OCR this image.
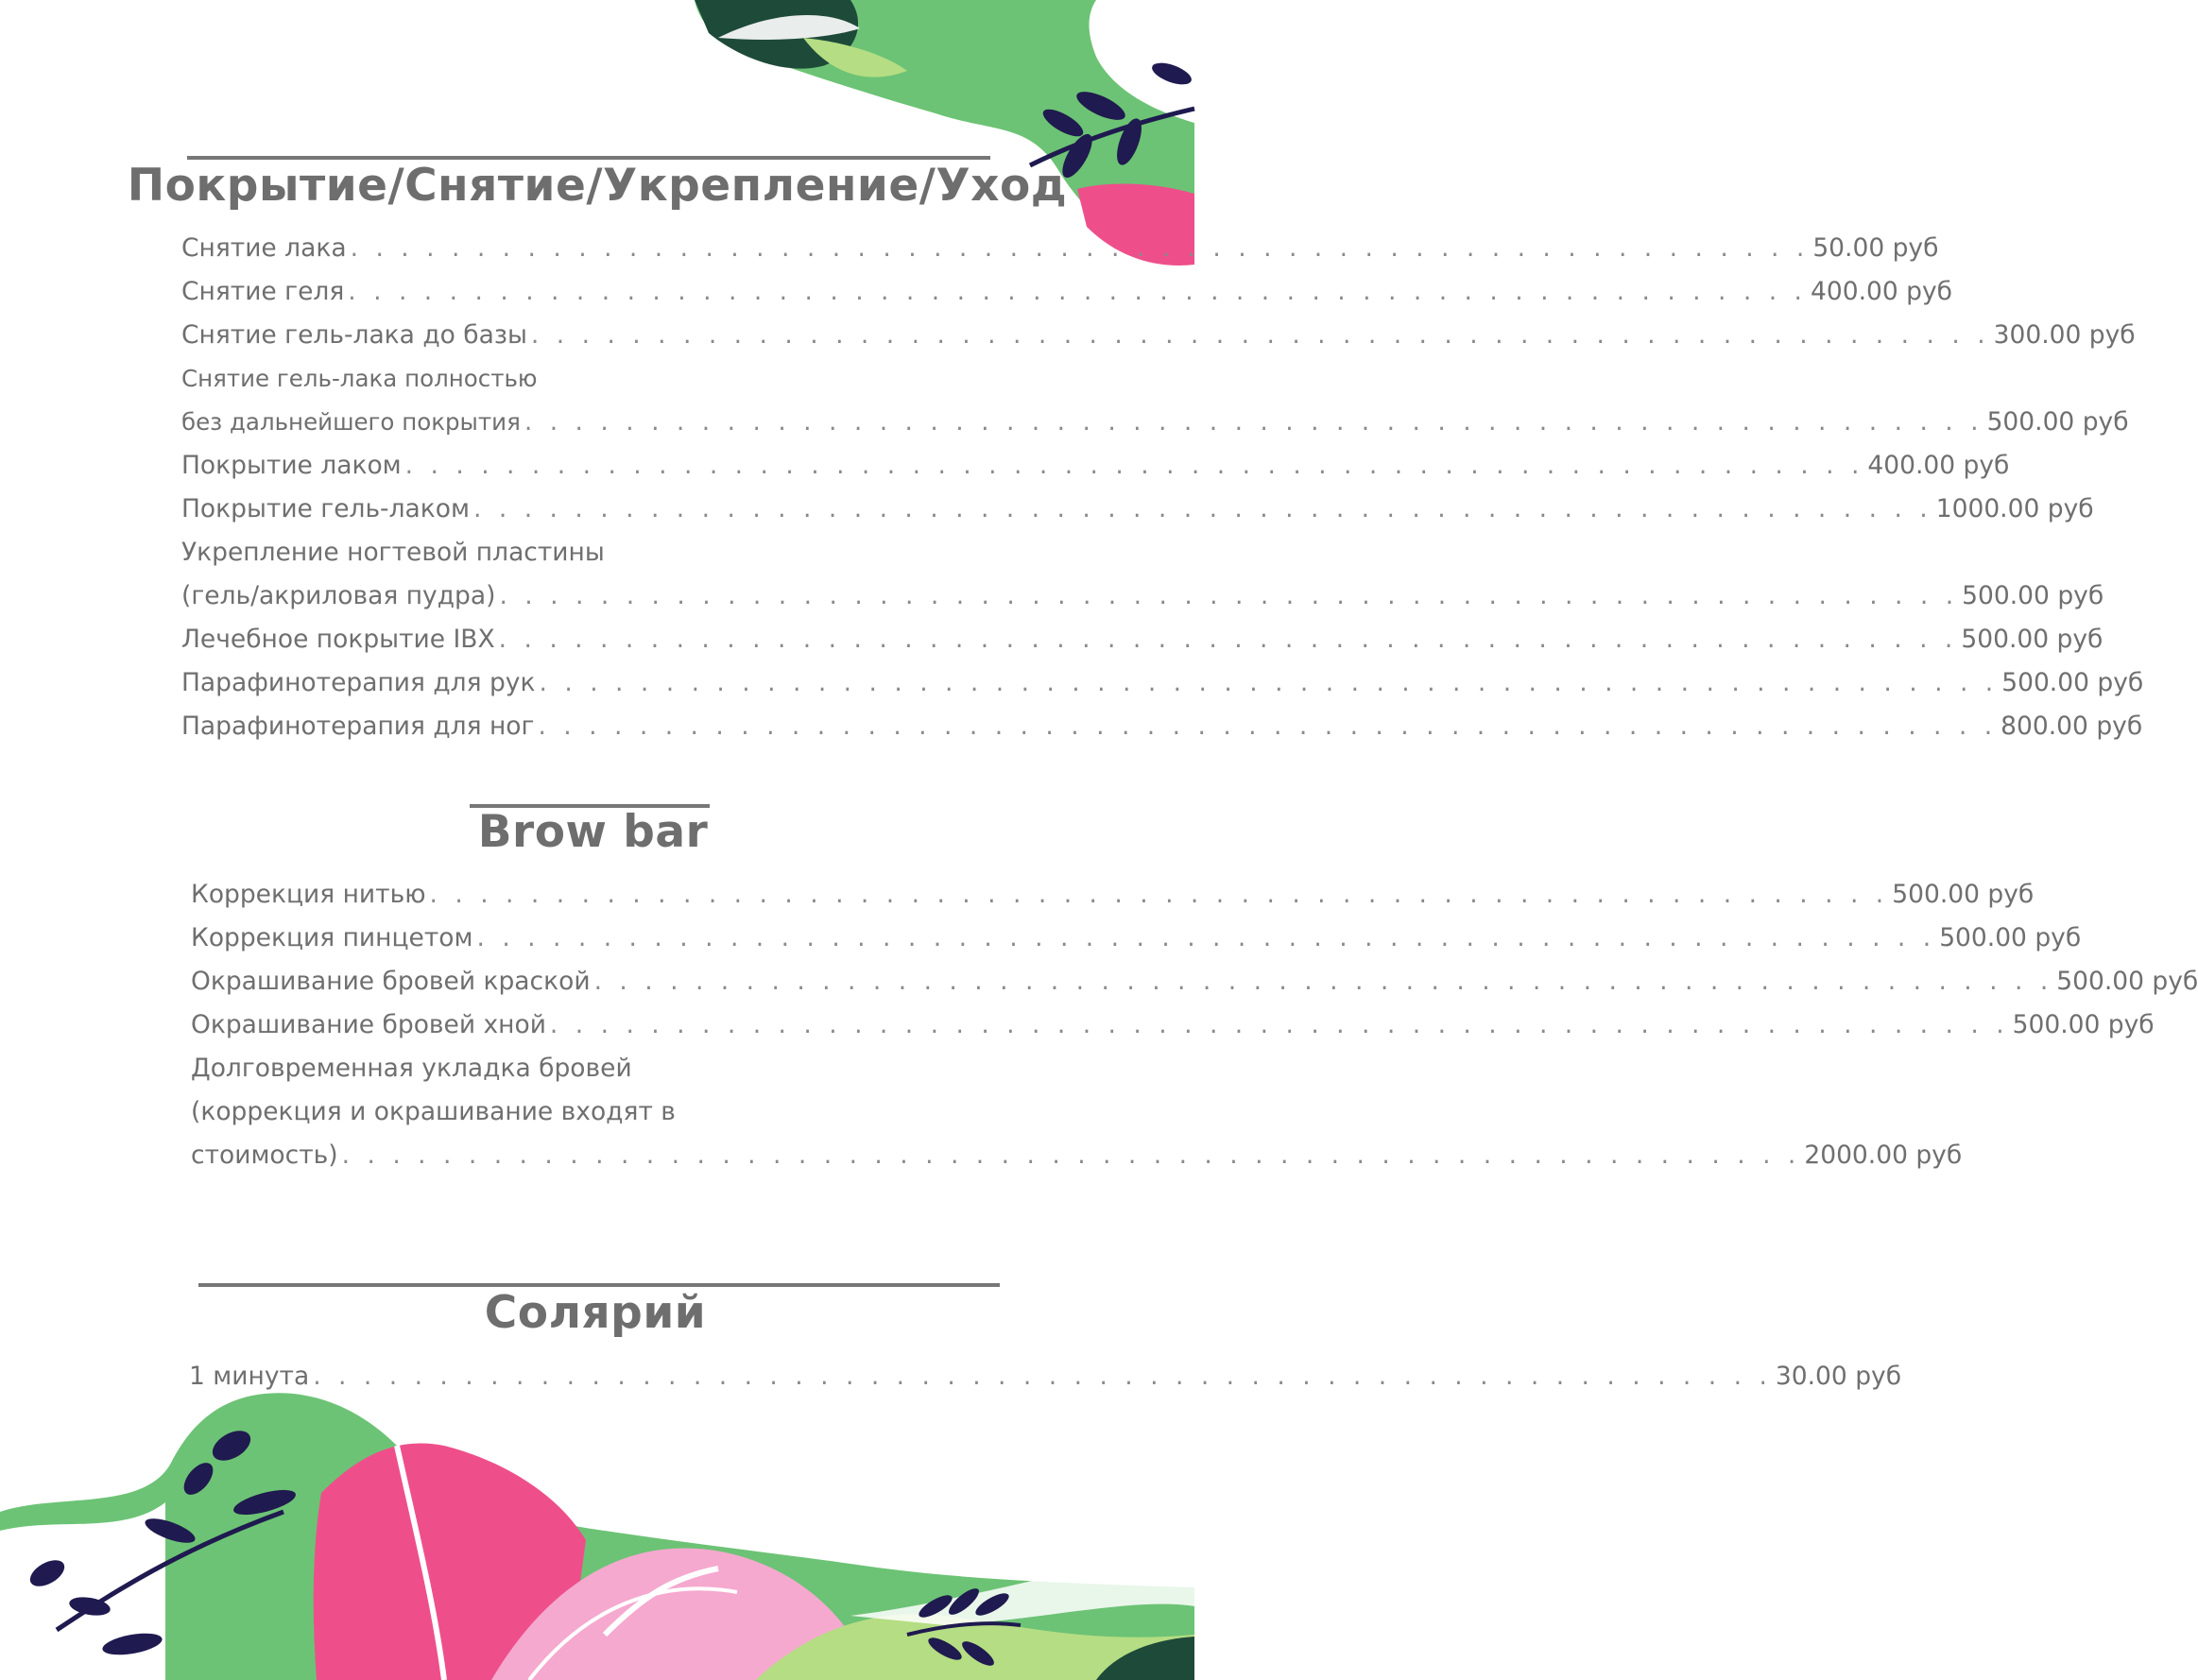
Покрытие/Снятие/Укрепление/Уход
Снятие лака . . . . . . . . . . . . . . . . . . . . . . . . . . . . . . . . . . . . . . . . . . . . . . . . . . . . . . . . . . 50.00 руб
Снятие геля . . . . . . . . . . . . . . . . . . . . . . . . . . . . . . . . . . . . . . . . . . . . . . . . . . . . . . . . . . 400.00 руб
Снятие гель-лака до базы . . . . . . . . . . . . . . . . . . . . . . . . . . . . . . . . . . . . . . . . . . . . . . . . . . . . . . . . . . 300.00 руб
Снятие гель-лака полностью
без дальнейшего покрытия . . . . . . . . . . . . . . . . . . . . . . . . . . . . . . . . . . . . . . . . . . . . . . . . . . . . . . . . . . 500.00 руб
Покрытие лаком . . . . . . . . . . . . . . . . . . . . . . . . . . . . . . . . . . . . . . . . . . . . . . . . . . . . . . . . . . 400.00 руб
Покрытие гель-лаком . . . . . . . . . . . . . . . . . . . . . . . . . . . . . . . . . . . . . . . . . . . . . . . . . . . . . . . . . . 1000.00 руб
Укрепление ногтевой пластины
(гель/акриловая пудра) . . . . . . . . . . . . . . . . . . . . . . . . . . . . . . . . . . . . . . . . . . . . . . . . . . . . . . . . . . 500.00 руб
Лечебное покрытие IBX . . . . . . . . . . . . . . . . . . . . . . . . . . . . . . . . . . . . . . . . . . . . . . . . . . . . . . . . . . 500.00 руб
Парафинотерапия для рук . . . . . . . . . . . . . . . . . . . . . . . . . . . . . . . . . . . . . . . . . . . . . . . . . . . . . . . . . . 500.00 руб
Парафинотерапия для ног . . . . . . . . . . . . . . . . . . . . . . . . . . . . . . . . . . . . . . . . . . . . . . . . . . . . . . . . . . 800.00 руб
Brow bar
Коррекция нитью . . . . . . . . . . . . . . . . . . . . . . . . . . . . . . . . . . . . . . . . . . . . . . . . . . . . . . . . . . 500.00 руб
Коррекция пинцетом . . . . . . . . . . . . . . . . . . . . . . . . . . . . . . . . . . . . . . . . . . . . . . . . . . . . . . . . . . 500.00 руб
Окрашивание бровей краской . . . . . . . . . . . . . . . . . . . . . . . . . . . . . . . . . . . . . . . . . . . . . . . . . . . . . . . . . . 500.00 руб
Окрашивание бровей хной . . . . . . . . . . . . . . . . . . . . . . . . . . . . . . . . . . . . . . . . . . . . . . . . . . . . . . . . . . 500.00 руб
Долговременная укладка бровей
(коррекция и окрашивание входят в
стоимость) . . . . . . . . . . . . . . . . . . . . . . . . . . . . . . . . . . . . . . . . . . . . . . . . . . . . . . . . . . 2000.00 руб
Солярий
1 минута . . . . . . . . . . . . . . . . . . . . . . . . . . . . . . . . . . . . . . . . . . . . . . . . . . . . . . . . . . 30.00 руб
